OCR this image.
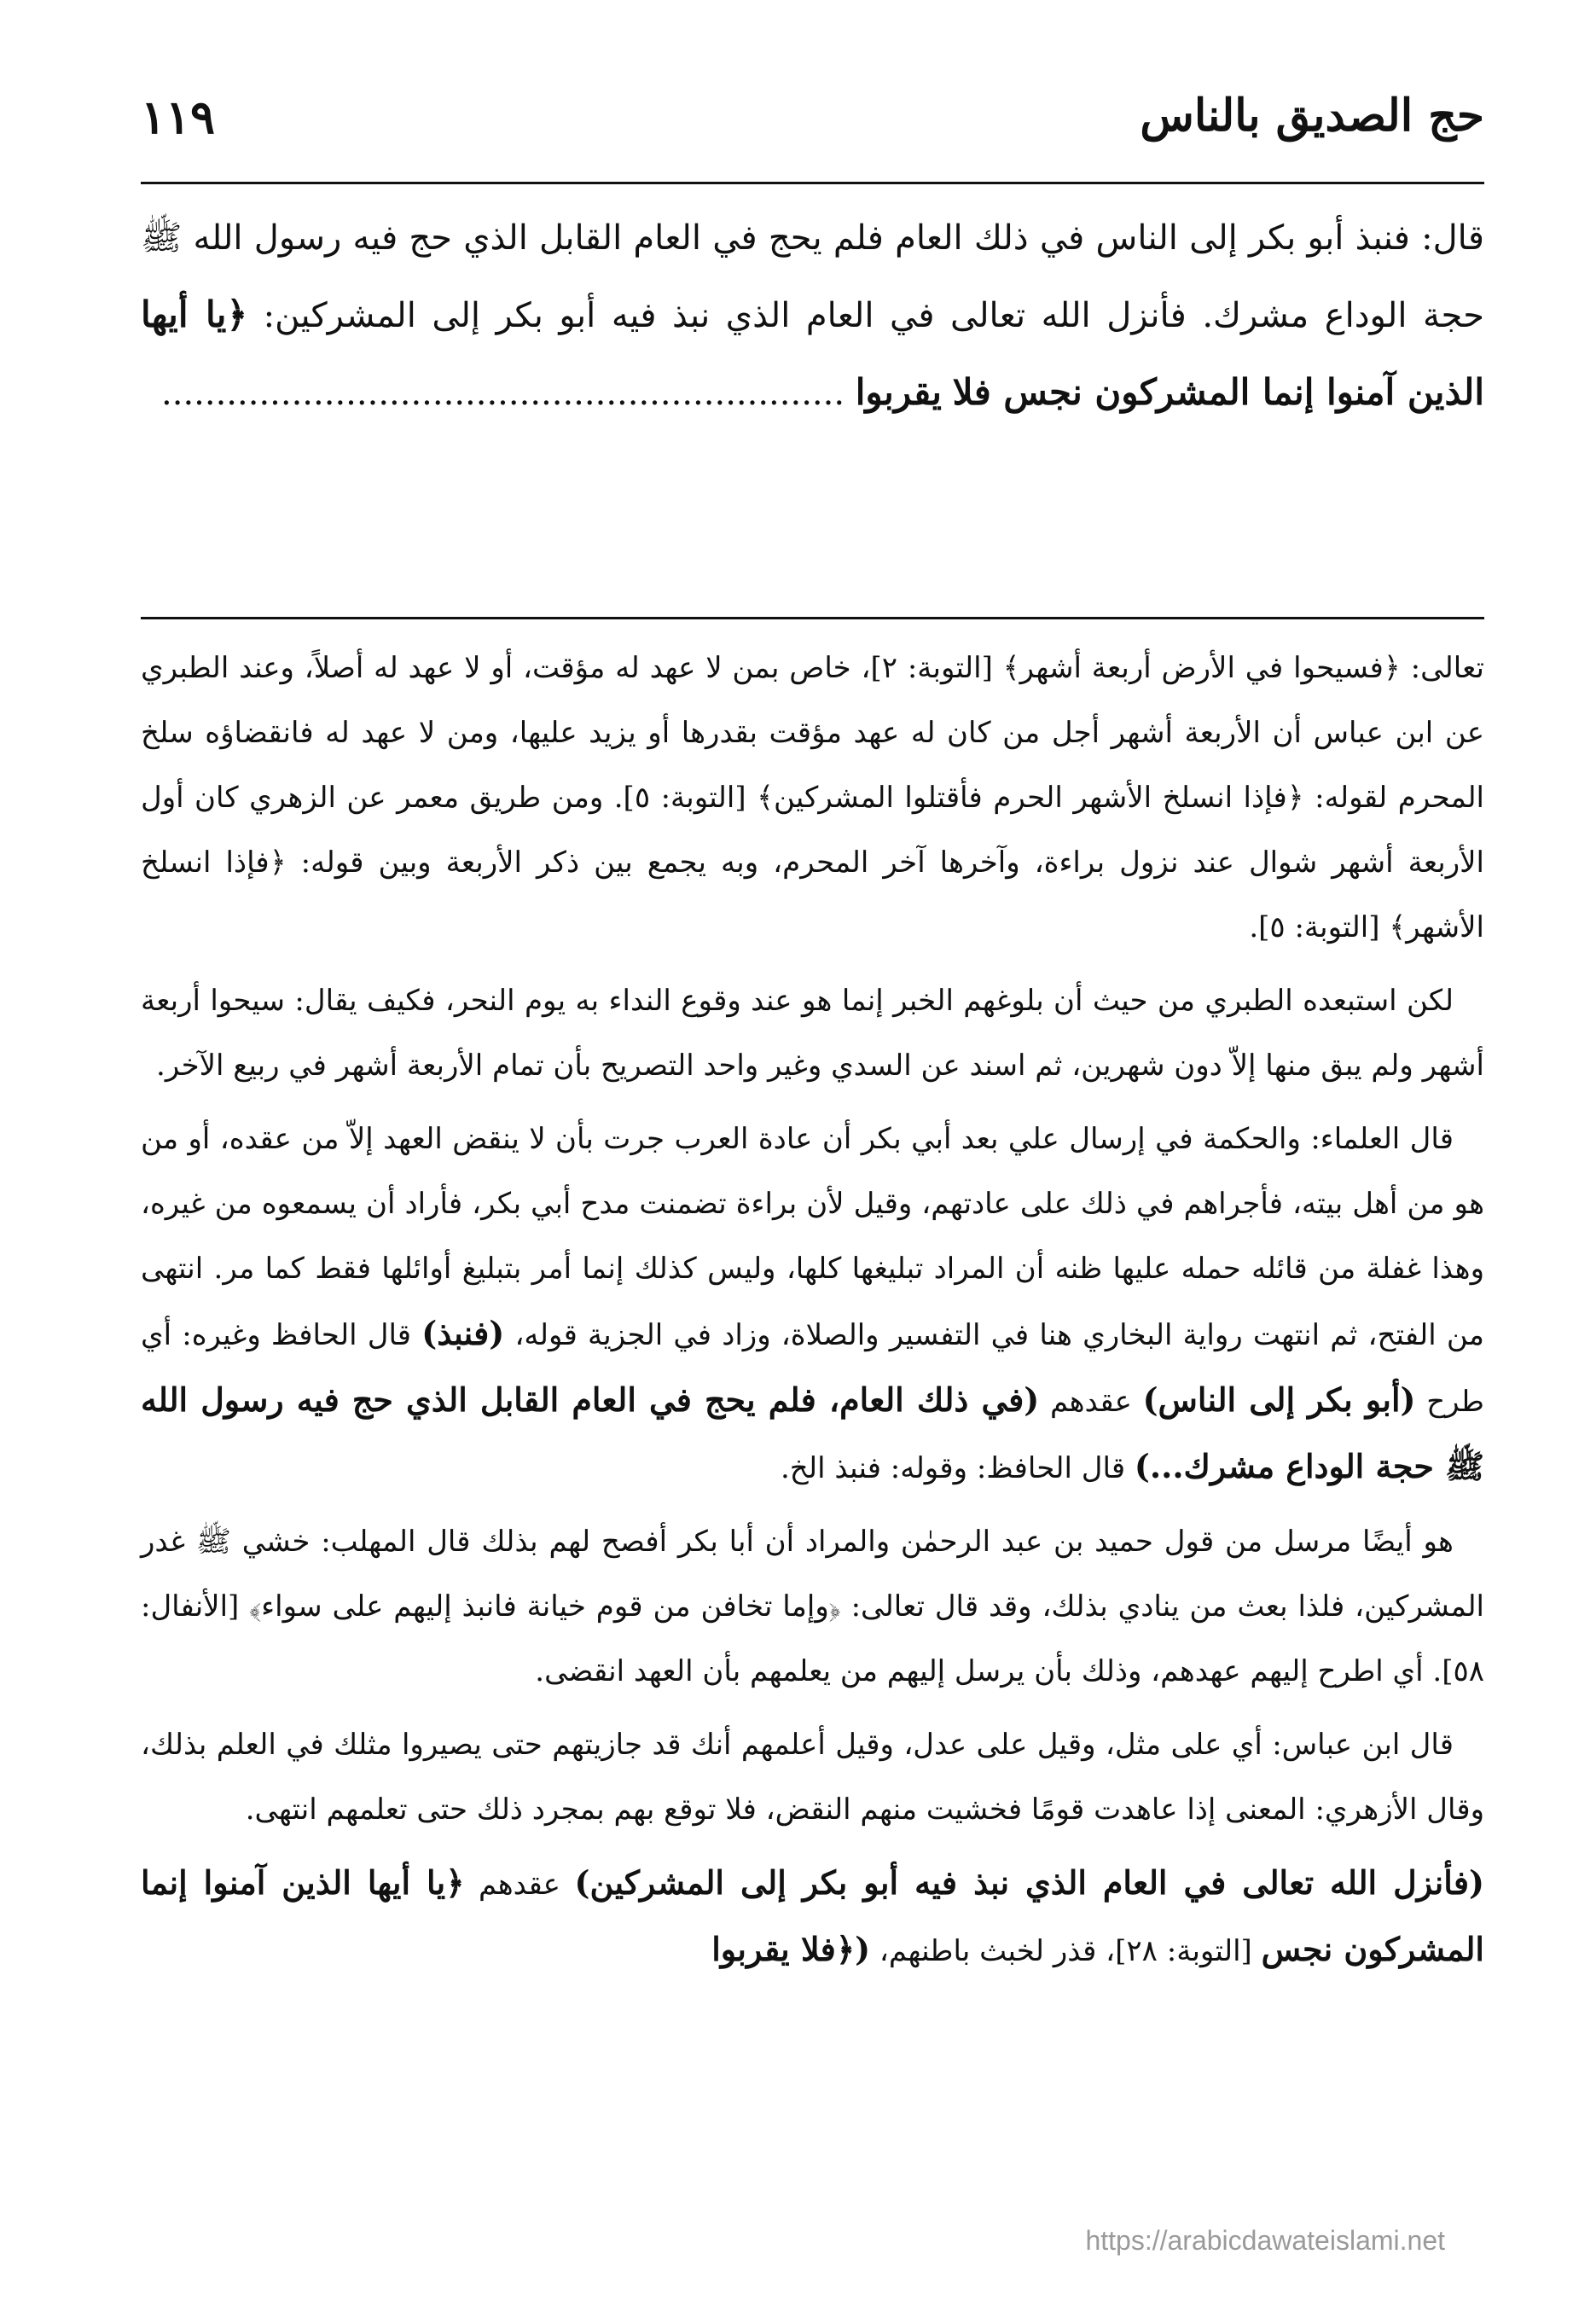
١١٩	حج الصديق بالناس
قال: فنبذ أبو بكر إلى الناس في ذلك العام فلم يحج في العام القابل الذي حج فيه رسول الله ﷺ حجة الوداع مشرك. فأنزل الله تعالى في العام الذي نبذ فيه أبو بكر إلى المشركين: ﴿يا أيها الذين آمنوا إنما المشركون نجس فلا يقربوا ...............................................................

تعالى: ﴿فسيحوا في الأرض أربعة أشهر﴾ [التوبة: ٢]، خاص بمن لا عهد له مؤقت، أو لا عهد له أصلاً، وعند الطبري عن ابن عباس أن الأربعة أشهر أجل من كان له عهد مؤقت بقدرها أو يزيد عليها، ومن لا عهد له فانقضاؤه سلخ المحرم لقوله: ﴿فإذا انسلخ الأشهر الحرم فأقتلوا المشركين﴾ [التوبة: ٥]. ومن طريق معمر عن الزهري كان أول الأربعة أشهر شوال عند نزول براءة، وآخرها آخر المحرم، وبه يجمع بين ذكر الأربعة وبين قوله: ﴿فإذا انسلخ الأشهر﴾ [التوبة: ٥].

لكن استبعده الطبري من حيث أن بلوغهم الخبر إنما هو عند وقوع النداء به يوم النحر، فكيف يقال: سيحوا أربعة أشهر ولم يبق منها إلاّ دون شهرين، ثم اسند عن السدي وغير واحد التصريح بأن تمام الأربعة أشهر في ربيع الآخر.

قال العلماء: والحكمة في إرسال علي بعد أبي بكر أن عادة العرب جرت بأن لا ينقض العهد إلاّ من عقده، أو من هو من أهل بيته، فأجراهم في ذلك على عادتهم، وقيل لأن براءة تضمنت مدح أبي بكر، فأراد أن يسمعوه من غيره، وهذا غفلة من قائله حمله عليها ظنه أن المراد تبليغها كلها، وليس كذلك إنما أمر بتبليغ أوائلها فقط كما مر. انتهى من الفتح، ثم انتهت رواية البخاري هنا في التفسير والصلاة، وزاد في الجزية قوله، (فنبذ) قال الحافظ وغيره: أي طرح (أبو بكر إلى الناس) عقدهم (في ذلك العام، فلم يحج في العام القابل الذي حج فيه رسول الله ﷺ حجة الوداع مشرك...) قال الحافظ: وقوله: فنبذ الخ.

هو أيضًا مرسل من قول حميد بن عبد الرحمٰن والمراد أن أبا بكر أفصح لهم بذلك قال المهلب: خشي ﷺ غدر المشركين، فلذا بعث من ينادي بذلك، وقد قال تعالى: ﴿وإما تخافن من قوم خيانة فانبذ إليهم على سواء﴾ [الأنفال: ٥٨]. أي اطرح إليهم عهدهم، وذلك بأن يرسل إليهم من يعلمهم بأن العهد انقضى.

قال ابن عباس: أي على مثل، وقيل على عدل، وقيل أعلمهم أنك قد جازيتهم حتى يصيروا مثلك في العلم بذلك، وقال الأزهري: المعنى إذا عاهدت قومًا فخشيت منهم النقض، فلا توقع بهم بمجرد ذلك حتى تعلمهم انتهى.

(فأنزل الله تعالى في العام الذي نبذ فيه أبو بكر إلى المشركين) عقدهم ﴿يا أيها الذين آمنوا إنما المشركون نجس [التوبة: ٢٨]، قذر لخبث باطنهم، (﴿فلا يقربوا

https://arabicdawateislami.net
